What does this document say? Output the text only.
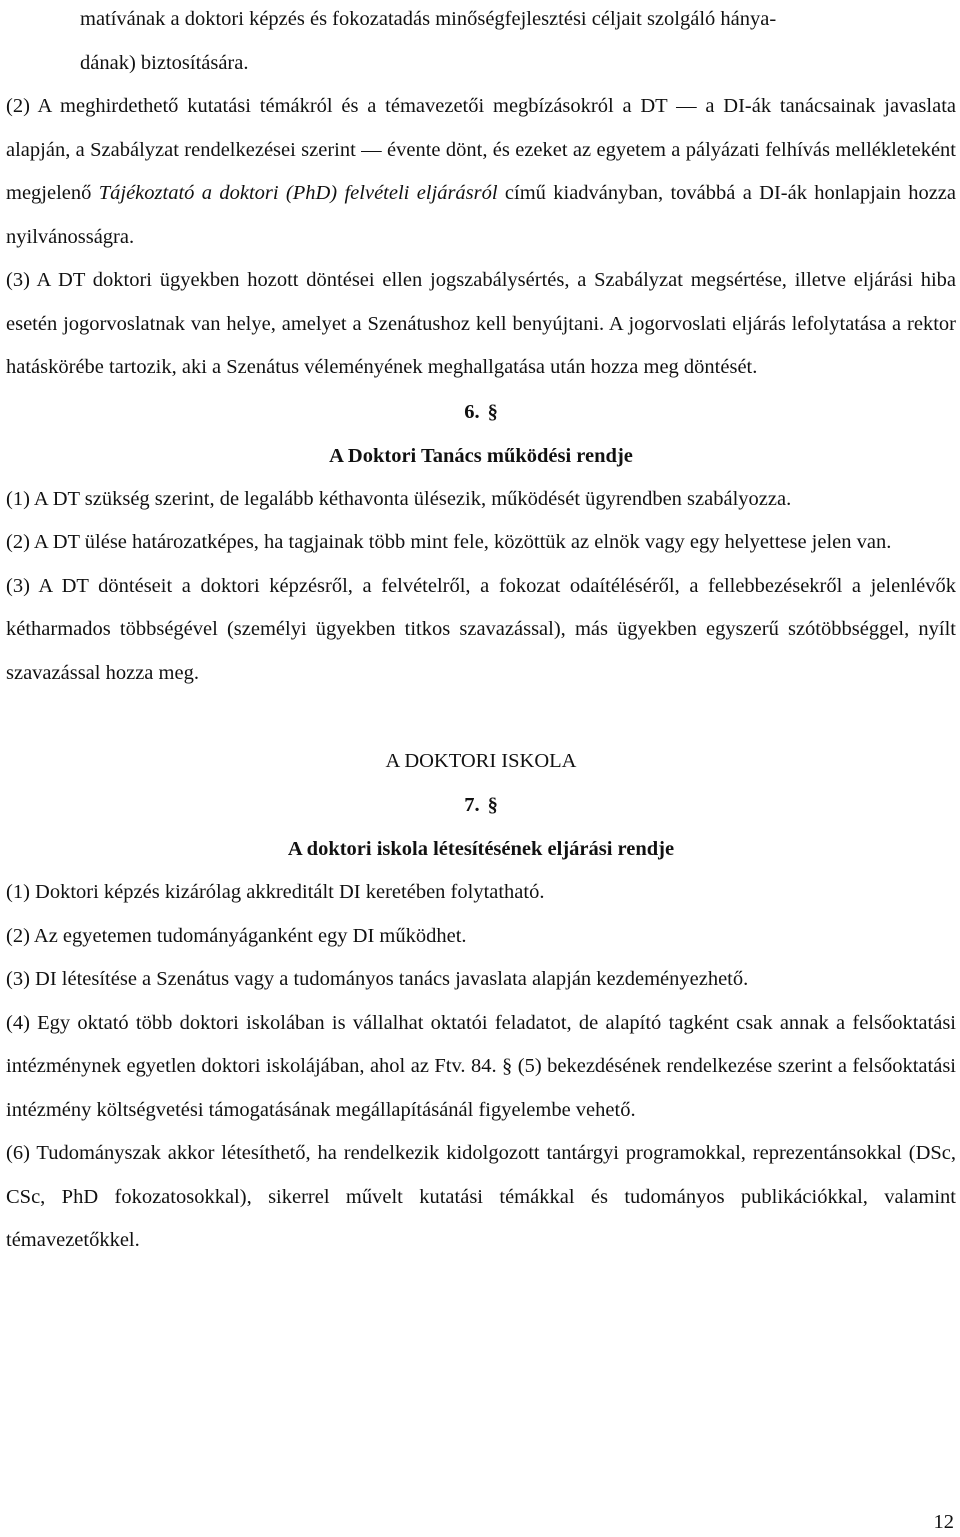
matívának a doktori képzés és fokozatadás minőségfejlesztési céljait szolgáló hánya-

dának) biztosítására.

(2) A meghirdethető kutatási témákról és a témavezetői megbízásokról a DT — a DI-ák tanácsainak javaslata alapján, a Szabályzat rendelkezései szerint — évente dönt, és ezeket az egyetem a pályázati felhívás mellékleteként megjelenő Tájékoztató a doktori (PhD) felvételi eljárásról című kiadványban, továbbá a DI-ák honlapjain hozza nyilvánosságra.

(3) A DT doktori ügyekben hozott döntései ellen jogszabálysértés, a Szabályzat megsértése, illetve eljárási hiba esetén jogorvoslatnak van helye, amelyet a Szenátushoz kell benyújtani. A jogorvoslati eljárás lefolytatása a rektor hatáskörébe tartozik, aki a Szenátus véleményének meghallgatása után hozza meg döntését.

6. §
A Doktori Tanács működési rendje

(1) A DT szükség szerint, de legalább kéthavonta ülésezik, működését ügyrendben szabályozza.

(2) A DT ülése határozatképes, ha tagjainak több mint fele, közöttük az elnök vagy egy helyettese jelen van.

(3) A DT döntéseit a doktori képzésről, a felvételről, a fokozat odaítéléséről, a fellebbezésekről a jelenlévők kétharmados többségével (személyi ügyekben titkos szavazással), más ügyekben egyszerű szótöbbséggel, nyílt szavazással hozza meg.

A DOKTORI ISKOLA
7. §
A doktori iskola létesítésének eljárási rendje

(1) Doktori képzés kizárólag akkreditált DI keretében folytatható.

(2) Az egyetemen tudományáganként egy DI működhet.

(3) DI létesítése a Szenátus vagy a tudományos tanács javaslata alapján kezdeményezhető.

(4) Egy oktató több doktori iskolában is vállalhat oktatói feladatot, de alapító tagként csak annak a felsőoktatási intézménynek egyetlen doktori iskolájában, ahol az Ftv. 84. § (5) bekezdésének rendelkezése szerint a felsőoktatási intézmény költségvetési támogatásának megállapításánál figyelembe vehető.

(6) Tudományszak akkor létesíthető, ha rendelkezik kidolgozott tantárgyi programokkal, reprezentánsokkal (DSc, CSc, PhD fokozatosokkal), sikerrel művelt kutatási témákkal és tudományos publikációkkal, valamint témavezetőkkel.

12
